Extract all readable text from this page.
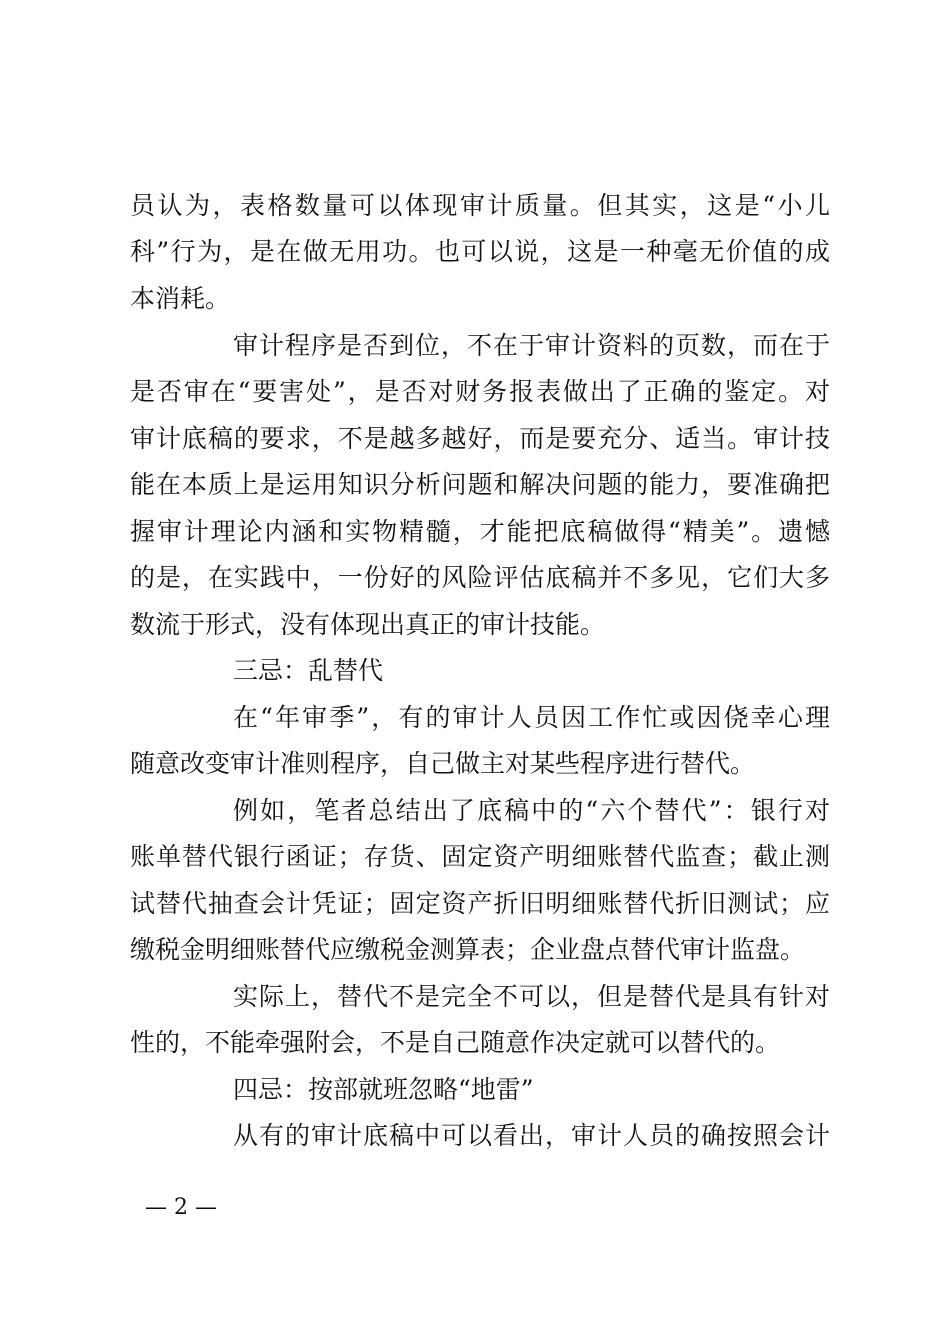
员认为，表格数量可以体现审计质量。但其实，这是“小儿
科”行为，是在做无用功。也可以说，这是一种毫无价值的成
本消耗。
审计程序是否到位，不在于审计资料的页数，而在于
是否审在“要害处”，是否对财务报表做出了正确的鉴定。对
审计底稿的要求，不是越多越好，而是要充分、适当。审计技
能在本质上是运用知识分析问题和解决问题的能力，要准确把
握审计理论内涵和实物精髓，才能把底稿做得“精美”。遗憾
的是，在实践中，一份好的风险评估底稿并不多见，它们大多
数流于形式，没有体现出真正的审计技能。
三忌：乱替代
在“年审季”，有的审计人员因工作忙或因侥幸心理
随意改变审计准则程序，自己做主对某些程序进行替代。
例如，笔者总结出了底稿中的“六个替代”：银行对
账单替代银行函证；存货、固定资产明细账替代监查；截止测
试替代抽查会计凭证；固定资产折旧明细账替代折旧测试；应
缴税金明细账替代应缴税金测算表；企业盘点替代审计监盘。
实际上，替代不是完全不可以，但是替代是具有针对
性的，不能牵强附会，不是自己随意作决定就可以替代的。
四忌：按部就班忽略“地雷”
从有的审计底稿中可以看出，审计人员的确按照会计
— 2 —
